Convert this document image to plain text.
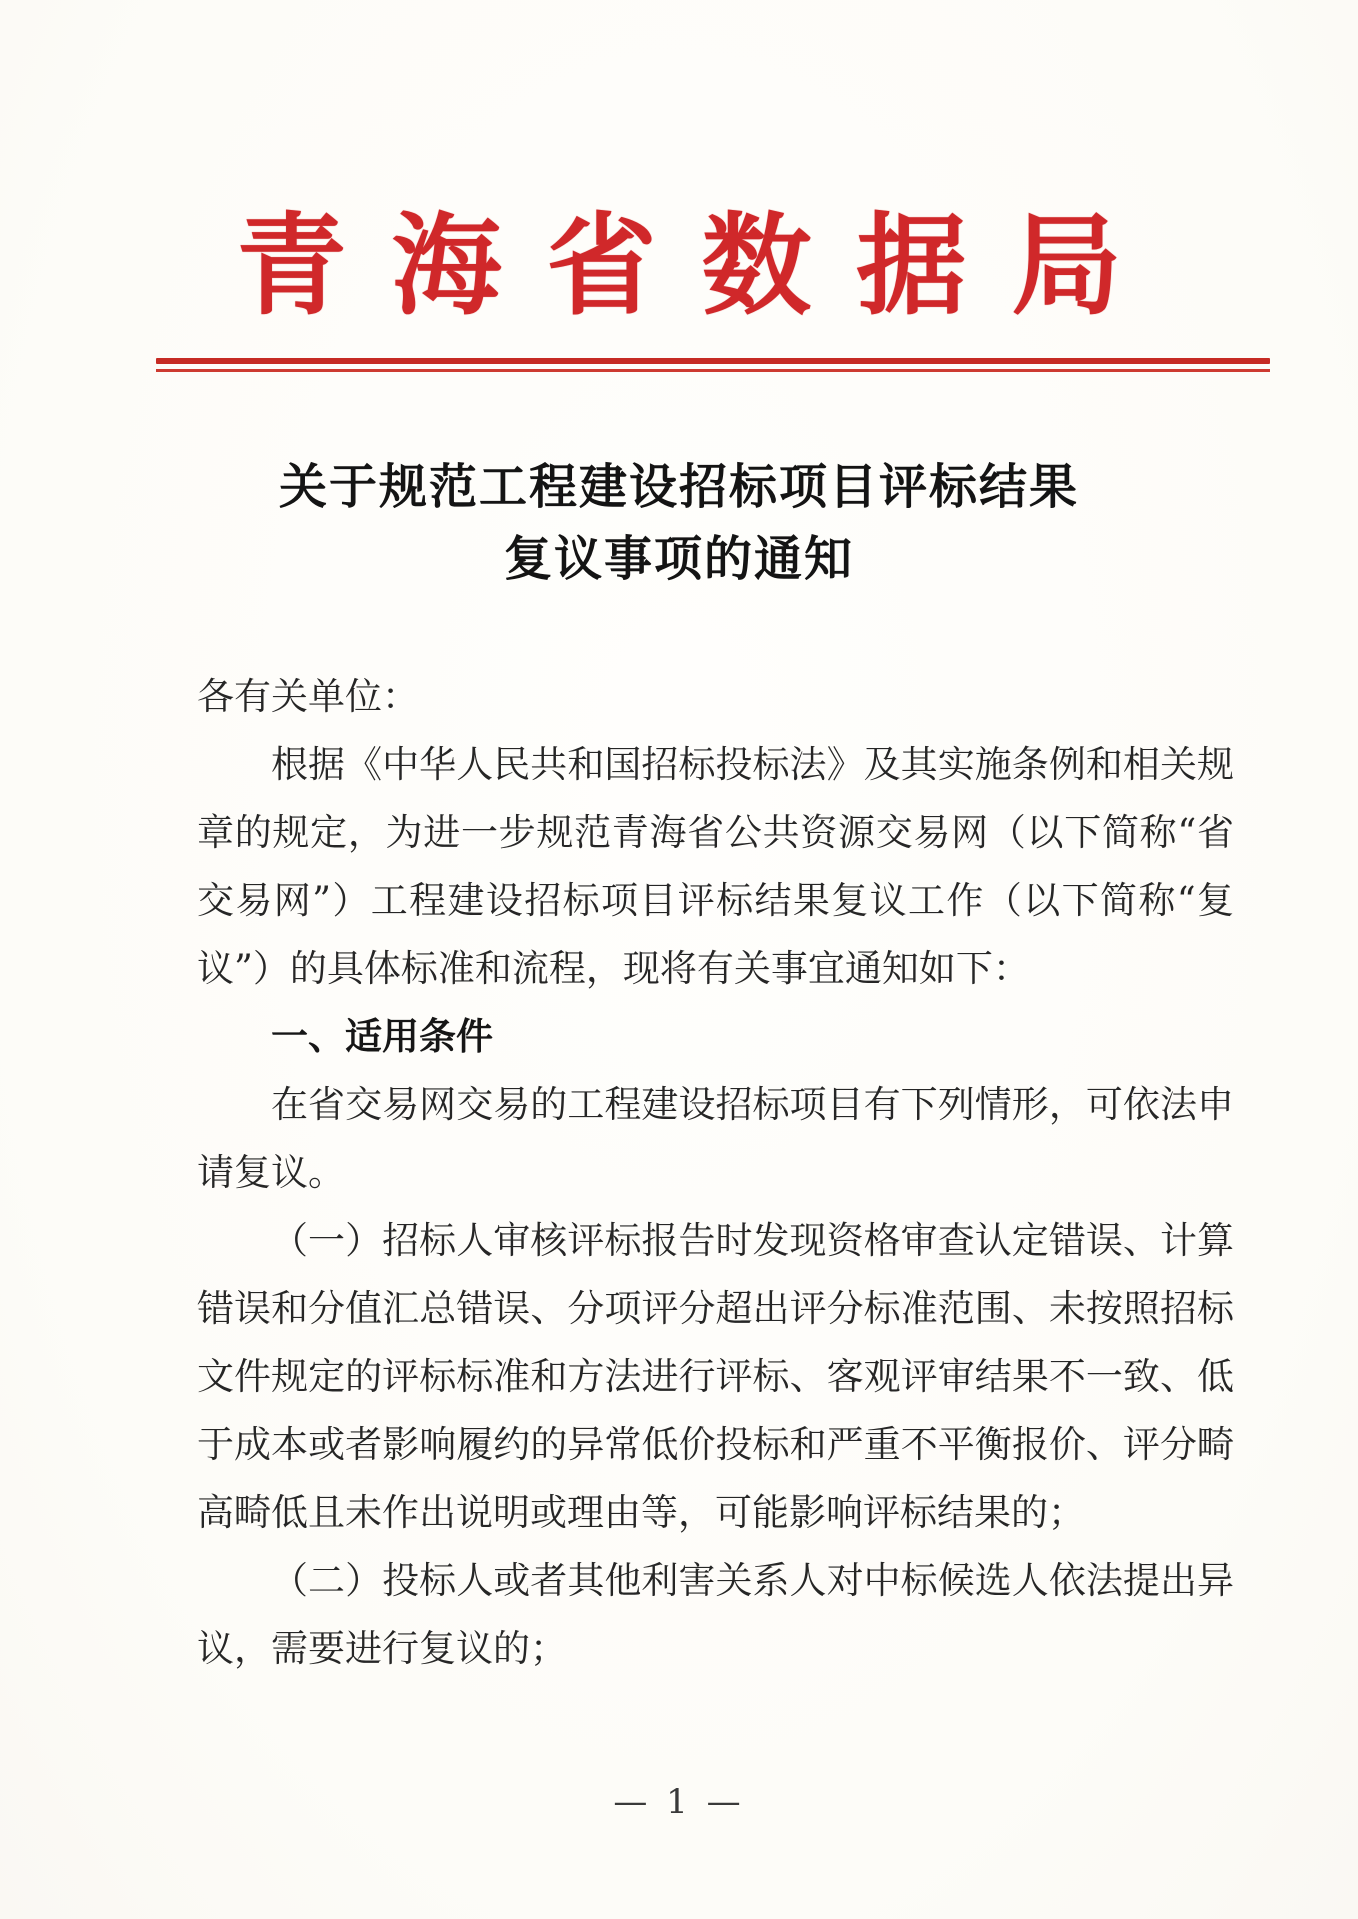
青海省数据局
关于规范工程建设招标项目评标结果
复议事项的通知

各有关单位：

根据《中华人民共和国招标投标法》及其实施条例和相关规章的规定，为进一步规范青海省公共资源交易网（以下简称“省交易网”）工程建设招标项目评标结果复议工作（以下简称“复议”）的具体标准和流程，现将有关事宜通知如下：

一、适用条件

在省交易网交易的工程建设招标项目有下列情形，可依法申请复议。

（一）招标人审核评标报告时发现资格审查认定错误、计算错误和分值汇总错误、分项评分超出评分标准范围、未按照招标文件规定的评标标准和方法进行评标、客观评审结果不一致、低于成本或者影响履约的异常低价投标和严重不平衡报价、评分畸高畸低且未作出说明或理由等，可能影响评标结果的；

（二）投标人或者其他利害关系人对中标候选人依法提出异议，需要进行复议的；

— 1 —
